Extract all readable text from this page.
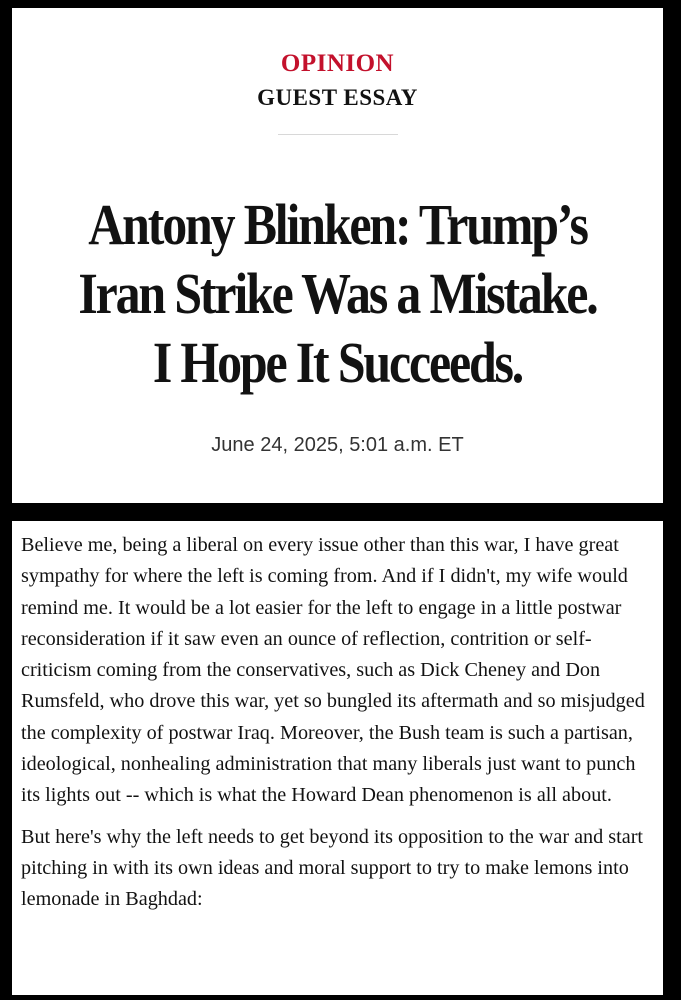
OPINION
GUEST ESSAY
Antony Blinken: Trump’s
Iran Strike Was a Mistake.
I Hope It Succeeds.
June 24, 2025, 5:01 a.m. ET

Believe me, being a liberal on every issue other than this war, I have great sympathy for where the left is coming from. And if I didn't, my wife would remind me. It would be a lot easier for the left to engage in a little postwar reconsideration if it saw even an ounce of reflection, contrition or self-criticism coming from the conservatives, such as Dick Cheney and Don Rumsfeld, who drove this war, yet so bungled its aftermath and so misjudged the complexity of postwar Iraq. Moreover, the Bush team is such a partisan, ideological, nonhealing administration that many liberals just want to punch its lights out -- which is what the Howard Dean phenomenon is all about.

But here's why the left needs to get beyond its opposition to the war and start pitching in with its own ideas and moral support to try to make lemons into lemonade in Baghdad:
